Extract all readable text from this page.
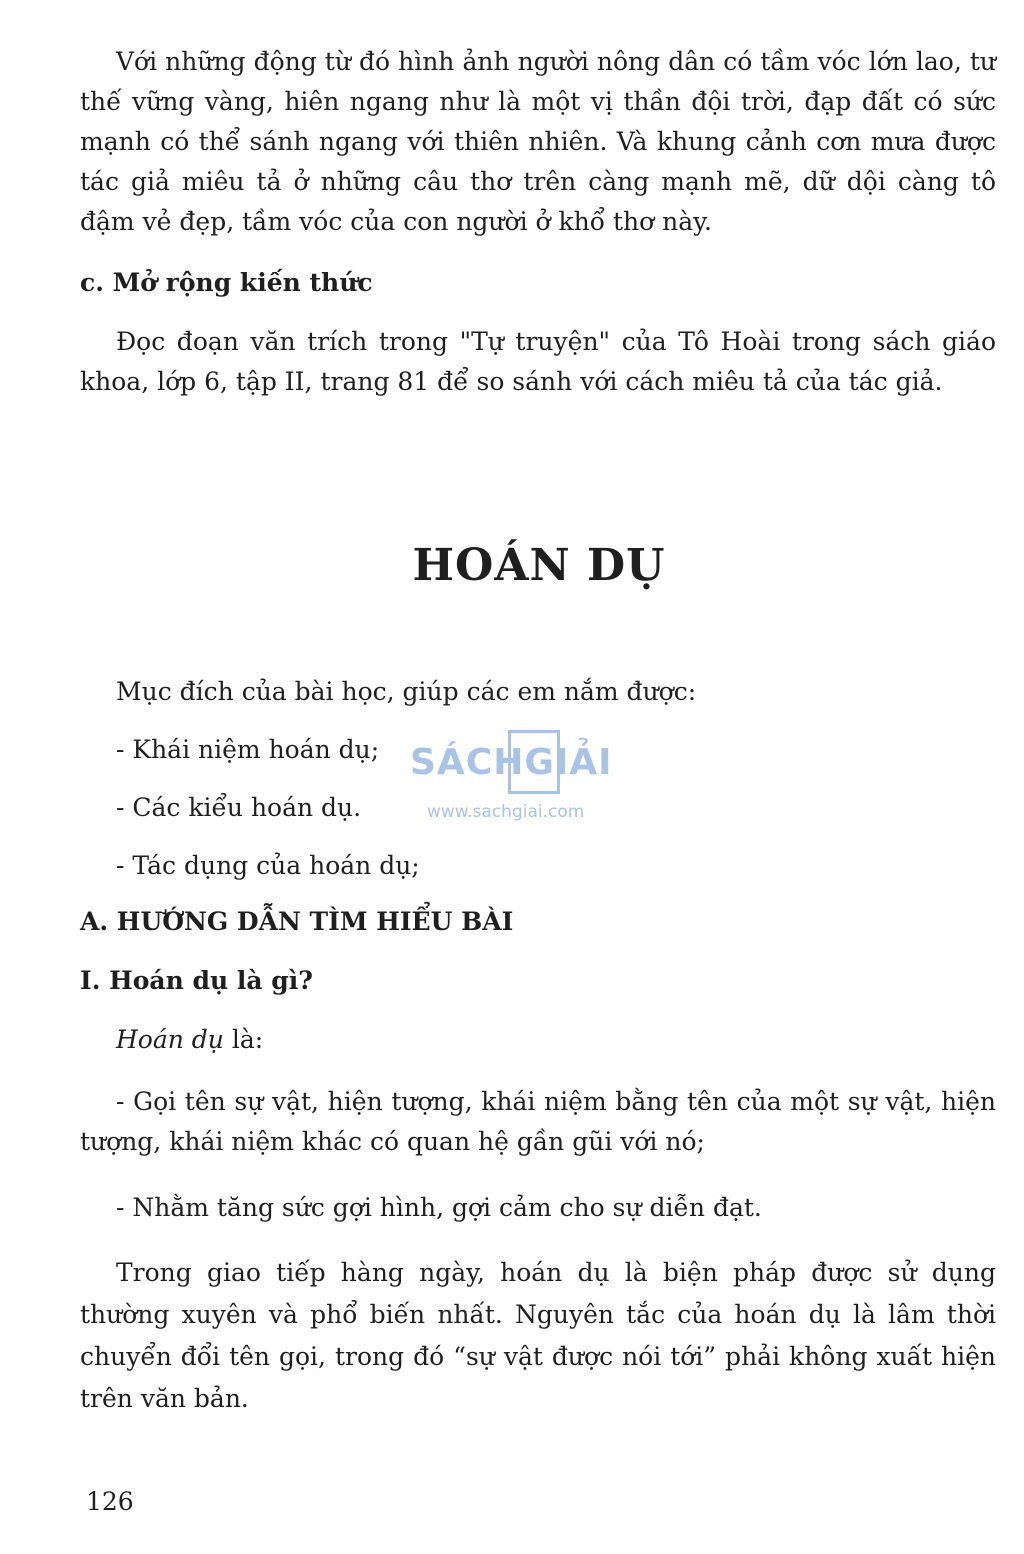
Với những động từ đó hình ảnh người nông dân có tầm vóc lớn lao, tư thế vững vàng, hiên ngang như là một vị thần đội trời, đạp đất có sức mạnh có thể sánh ngang với thiên nhiên. Và khung cảnh cơn mưa được tác giả miêu tả ở những câu thơ trên càng mạnh mẽ, dữ dội càng tô đậm vẻ đẹp, tầm vóc của con người ở khổ thơ này.

c. Mở rộng kiến thức

Đọc đoạn văn trích trong "Tự truyện" của Tô Hoài trong sách giáo khoa, lớp 6, tập II, trang 81 để so sánh với cách miêu tả của tác giả.

HOÁN DỤ

Mục đích của bài học, giúp các em nắm được:

- Khái niệm hoán dụ;

- Các kiểu hoán dụ.

- Tác dụng của hoán dụ;

A. HƯỚNG DẪN TÌM HIỂU BÀI

I. Hoán dụ là gì?

Hoán dụ là:

- Gọi tên sự vật, hiện tượng, khái niệm bằng tên của một sự vật, hiện tượng, khái niệm khác có quan hệ gần gũi với nó;

- Nhằm tăng sức gợi hình, gợi cảm cho sự diễn đạt.

Trong giao tiếp hàng ngày, hoán dụ là biện pháp được sử dụng thường xuyên và phổ biến nhất. Nguyên tắc của hoán dụ là lâm thời chuyển đổi tên gọi, trong đó “sự vật được nói tới” phải không xuất hiện trên văn bản.

SÁCHGIẢI
www.sachgiai.com

126
